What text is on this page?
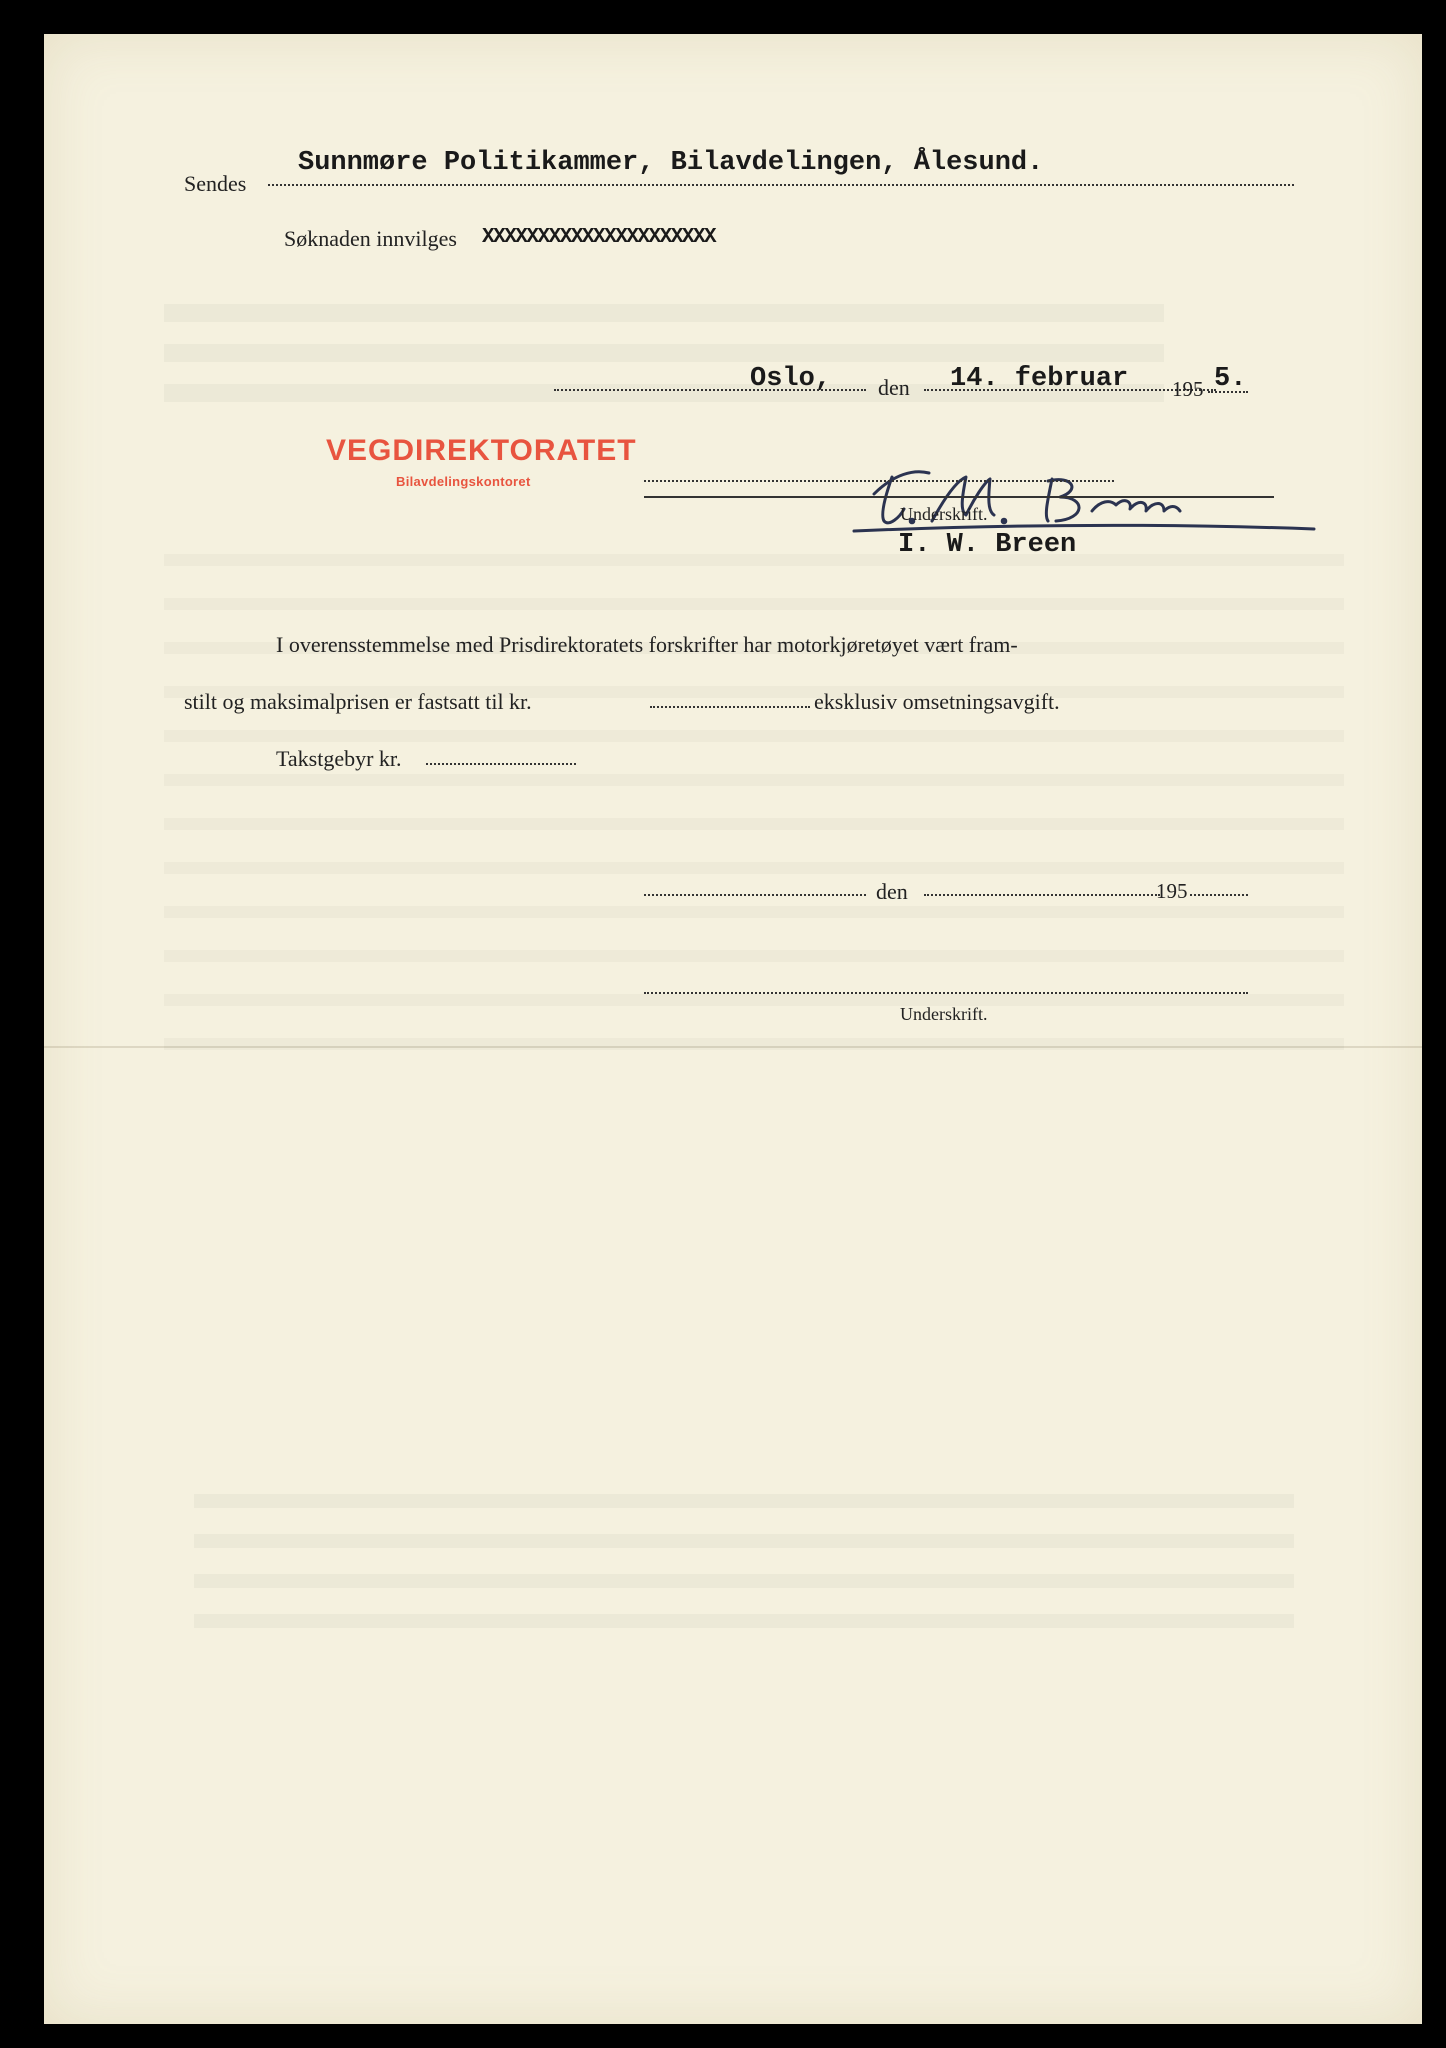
Sendes
Sunnmøre Politikammer, Bilavdelingen, Ålesund.
Søknaden innvilges XXXXXXXXXXXXXXXXXXXXX
Oslo, den 14. februar 195 5.
VEGDIREKTORATET
Bilavdelingskontoret
Underskrift.
I. W. Breen
I overensstemmelse med Prisdirektoratets forskrifter har motorkjøretøyet vært fram-
stilt og maksimalprisen er fastsatt til kr.	eksklusiv omsetningsavgift.
Takstgebyr kr.
den	195
Underskrift.
